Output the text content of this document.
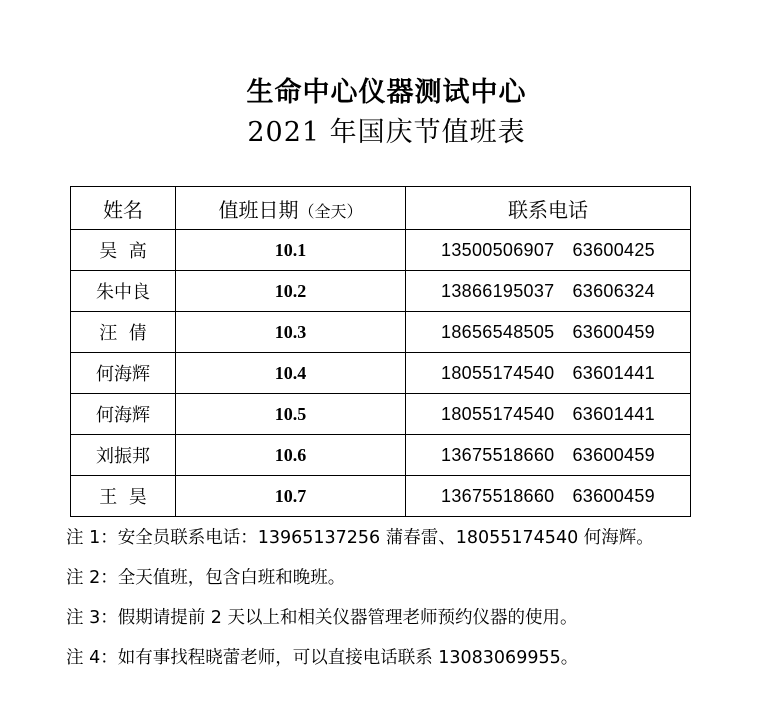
生命中心仪器测试中心
2021 年国庆节值班表
姓名	值班日期（全天）	联系电话
吴  高	10.1	13500506907 63600425
朱中良	10.2	13866195037 63606324
汪  倩	10.3	18656548505 63600459
何海辉	10.4	18055174540 63601441
何海辉	10.5	18055174540 63601441
刘振邦	10.6	13675518660 63600459
王  昊	10.7	13675518660 63600459
注 1：安全员联系电话：13965137256 蒲春雷、18055174540 何海辉。
注 2：全天值班，包含白班和晚班。
注 3：假期请提前 2 天以上和相关仪器管理老师预约仪器的使用。
注 4：如有事找程晓蕾老师，可以直接电话联系 13083069955。
